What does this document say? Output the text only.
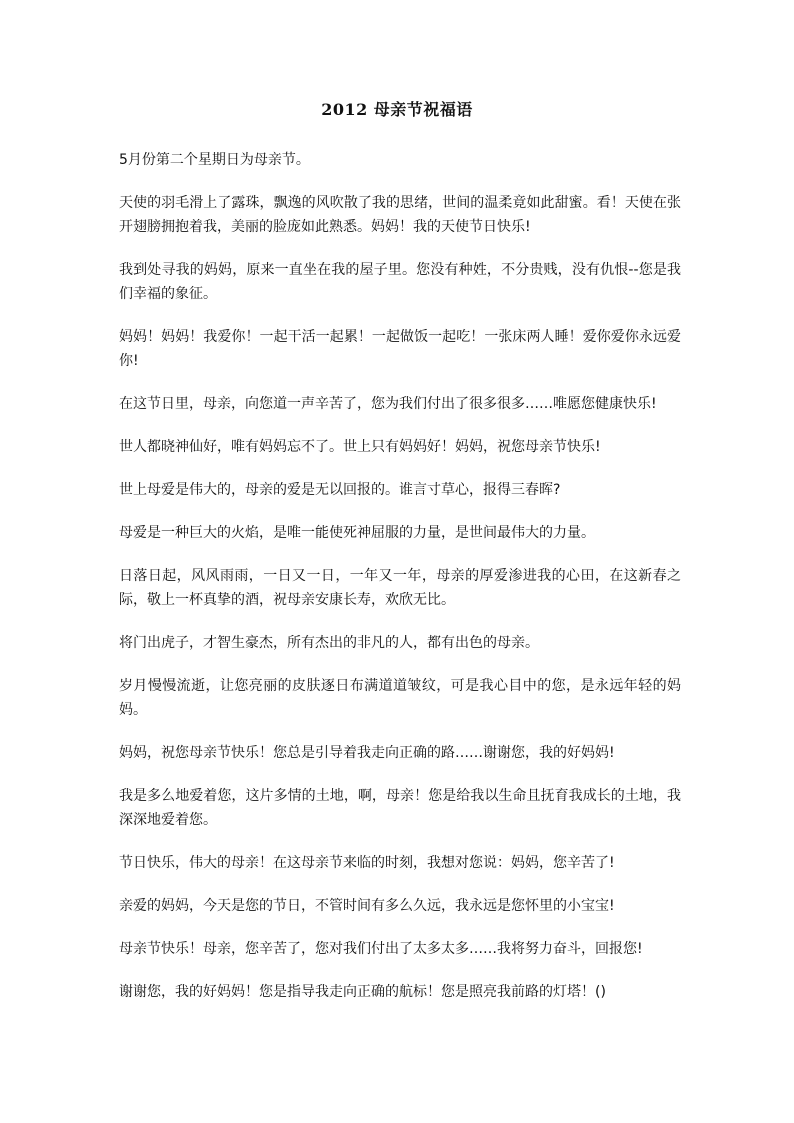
2012 母亲节祝福语

5月份第二个星期日为母亲节。

天使的羽毛滑上了露珠，飘逸的风吹散了我的思绪，世间的温柔竟如此甜蜜。看！天使在张开翅膀拥抱着我，美丽的脸庞如此熟悉。妈妈！我的天使节日快乐!

我到处寻我的妈妈，原来一直坐在我的屋子里。您没有种姓，不分贵贱，没有仇恨--您是我们幸福的象征。

妈妈！妈妈！我爱你！一起干活一起累！一起做饭一起吃！一张床两人睡！爱你爱你永远爱你!

在这节日里，母亲，向您道一声辛苦了，您为我们付出了很多很多……唯愿您健康快乐!

世人都晓神仙好，唯有妈妈忘不了。世上只有妈妈好！妈妈，祝您母亲节快乐!

世上母爱是伟大的，母亲的爱是无以回报的。谁言寸草心，报得三春晖?

母爱是一种巨大的火焰，是唯一能使死神屈服的力量，是世间最伟大的力量。

日落日起，风风雨雨，一日又一日，一年又一年，母亲的厚爱渗进我的心田，在这新春之际，敬上一杯真挚的酒，祝母亲安康长寿，欢欣无比。

将门出虎子，才智生豪杰，所有杰出的非凡的人，都有出色的母亲。

岁月慢慢流逝，让您亮丽的皮肤逐日布满道道皱纹，可是我心目中的您，是永远年轻的妈妈。

妈妈，祝您母亲节快乐！您总是引导着我走向正确的路……谢谢您，我的好妈妈!

我是多么地爱着您，这片多情的土地，啊，母亲！您是给我以生命且抚育我成长的土地，我深深地爱着您。

节日快乐，伟大的母亲！在这母亲节来临的时刻，我想对您说：妈妈，您辛苦了!

亲爱的妈妈，今天是您的节日，不管时间有多么久远，我永远是您怀里的小宝宝!

母亲节快乐！母亲，您辛苦了，您对我们付出了太多太多……我将努力奋斗，回报您!

谢谢您，我的好妈妈！您是指导我走向正确的航标！您是照亮我前路的灯塔！()
